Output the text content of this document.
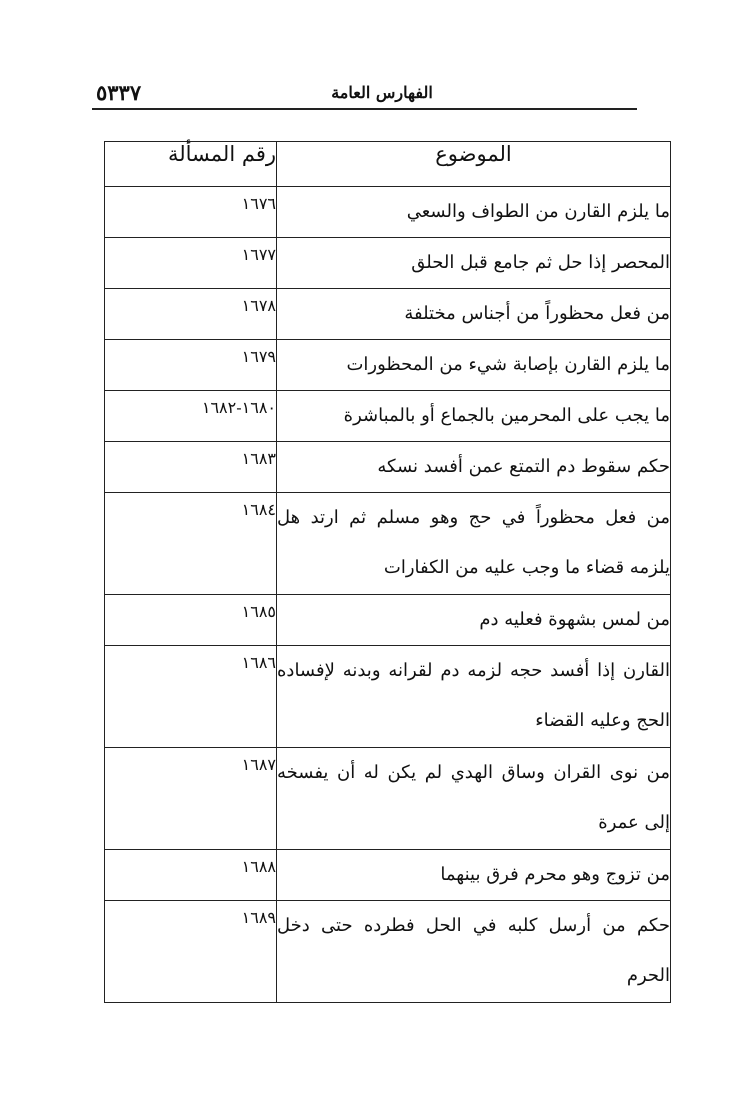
٥٣٣٧	الفهارس العامة
الموضوع	رقم المسألة
ما يلزم القارن من الطواف والسعي	١٦٧٦
المحصر إذا حل ثم جامع قبل الحلق	١٦٧٧
من فعل محظوراً من أجناس مختلفة	١٦٧٨
ما يلزم القارن بإصابة شيء من المحظورات	١٦٧٩
ما يجب على المحرمين بالجماع أو بالمباشرة	١٦٨٠-١٦٨٢
حكم سقوط دم التمتع عمن أفسد نسكه	١٦٨٣
من فعل محظوراً في حج وهو مسلم ثم ارتد هل يلزمه قضاء ما وجب عليه من الكفارات	١٦٨٤
من لمس بشهوة فعليه دم	١٦٨٥
القارن إذا أفسد حجه لزمه دم لقرانه وبدنه لإفساده الحج وعليه القضاء	١٦٨٦
من نوى القران وساق الهدي لم يكن له أن يفسخه إلى عمرة	١٦٨٧
من تزوج وهو محرم فرق بينهما	١٦٨٨
حكم من أرسل كلبه في الحل فطرده حتى دخل الحرم	١٦٨٩
